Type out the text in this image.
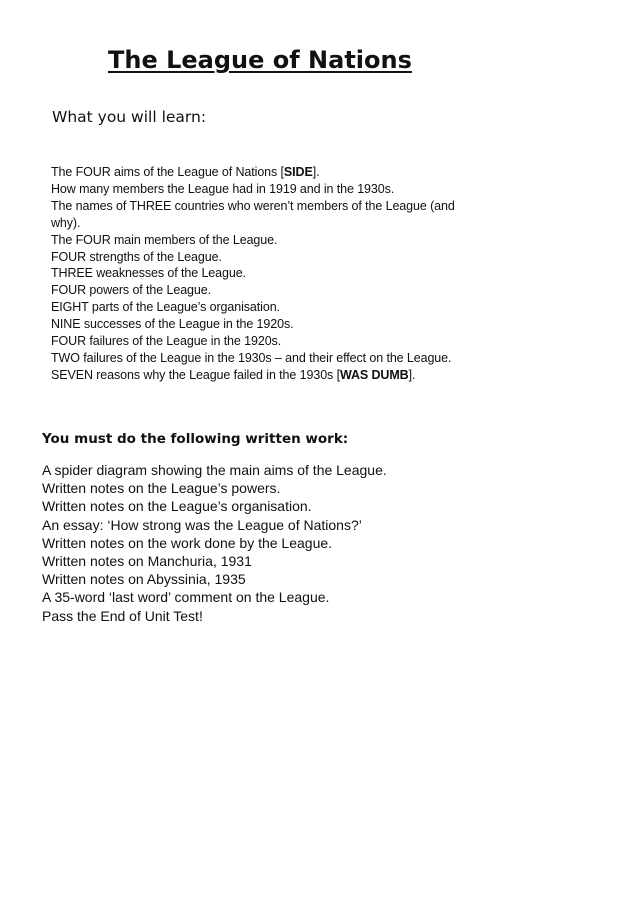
The League of Nations

What you will learn:

The FOUR aims of the League of Nations [SIDE].
How many members the League had in 1919 and in the 1930s.
The names of THREE countries who weren’t members of the League (and why).
The FOUR main members of the League.
FOUR strengths of the League.
THREE weaknesses of the League.
FOUR powers of the League.
EIGHT parts of the League’s organisation.
NINE successes of the League in the 1920s.
FOUR failures of the League in the 1920s.
TWO failures of the League in the 1930s – and their effect on the League.
SEVEN reasons why the League failed in the 1930s [WAS DUMB].

You must do the following written work:

A spider diagram showing the main aims of the League.
Written notes on the League’s powers.
Written notes on the League’s organisation.
An essay: ‘How strong was the League of Nations?’
Written notes on the work done by the League.
Written notes on Manchuria, 1931
Written notes on Abyssinia, 1935
A 35-word ‘last word’ comment on the League.
Pass the End of Unit Test!
